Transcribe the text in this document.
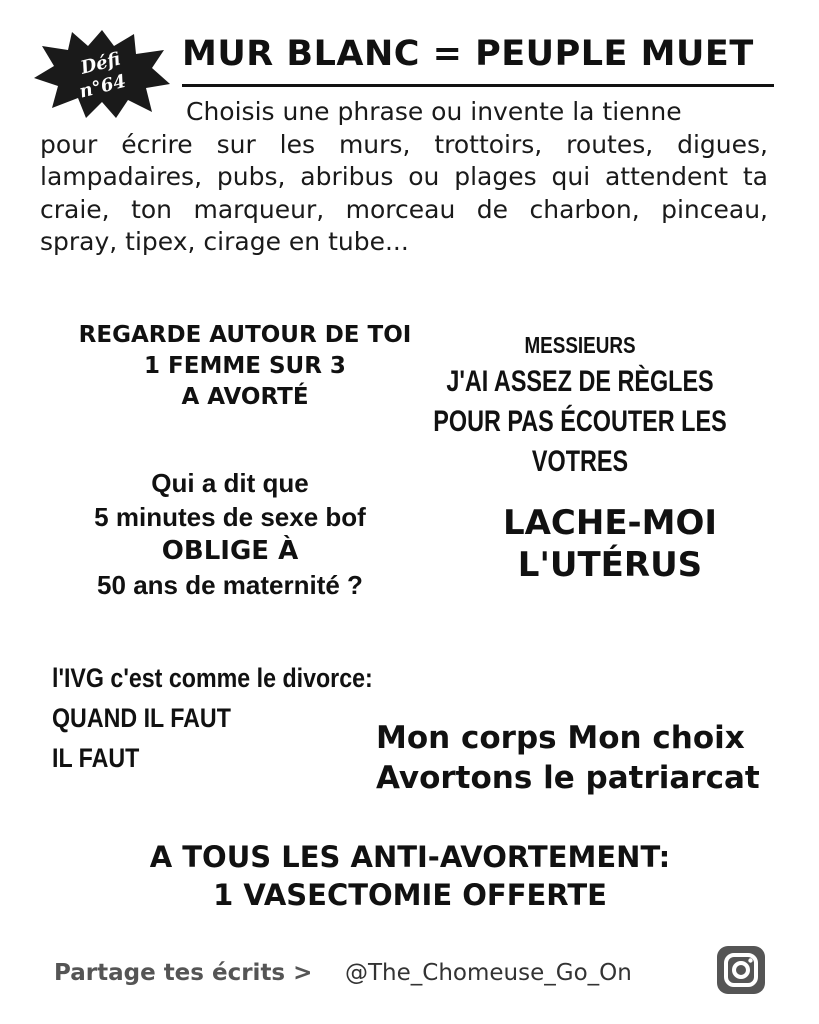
Défi
n°64
MUR BLANC = PEUPLE MUET
Choisis une phrase ou invente la tienne
pour écrire sur les murs, trottoirs, routes, digues, lampadaires, pubs, abribus ou plages qui attendent ta craie, ton marqueur, morceau de charbon, pinceau, spray, tipex, cirage en tube...
REGARDE AUTOUR DE TOI
1 FEMME SUR 3
A AVORTÉ
MESSIEURS
J'AI ASSEZ DE RÈGLES
POUR PAS ÉCOUTER LES VOTRES
Qui a dit que
5 minutes de sexe bof
OBLIGE À
50 ans de maternité ?
LACHE-MOI
L'UTÉRUS
l'IVG c'est comme le divorce:
QUAND IL FAUT
IL FAUT
Mon corps Mon choix
Avortons le patriarcat
A TOUS LES ANTI-AVORTEMENT:
1 VASECTOMIE OFFERTE
Partage tes écrits > @The_Chomeuse_Go_On
